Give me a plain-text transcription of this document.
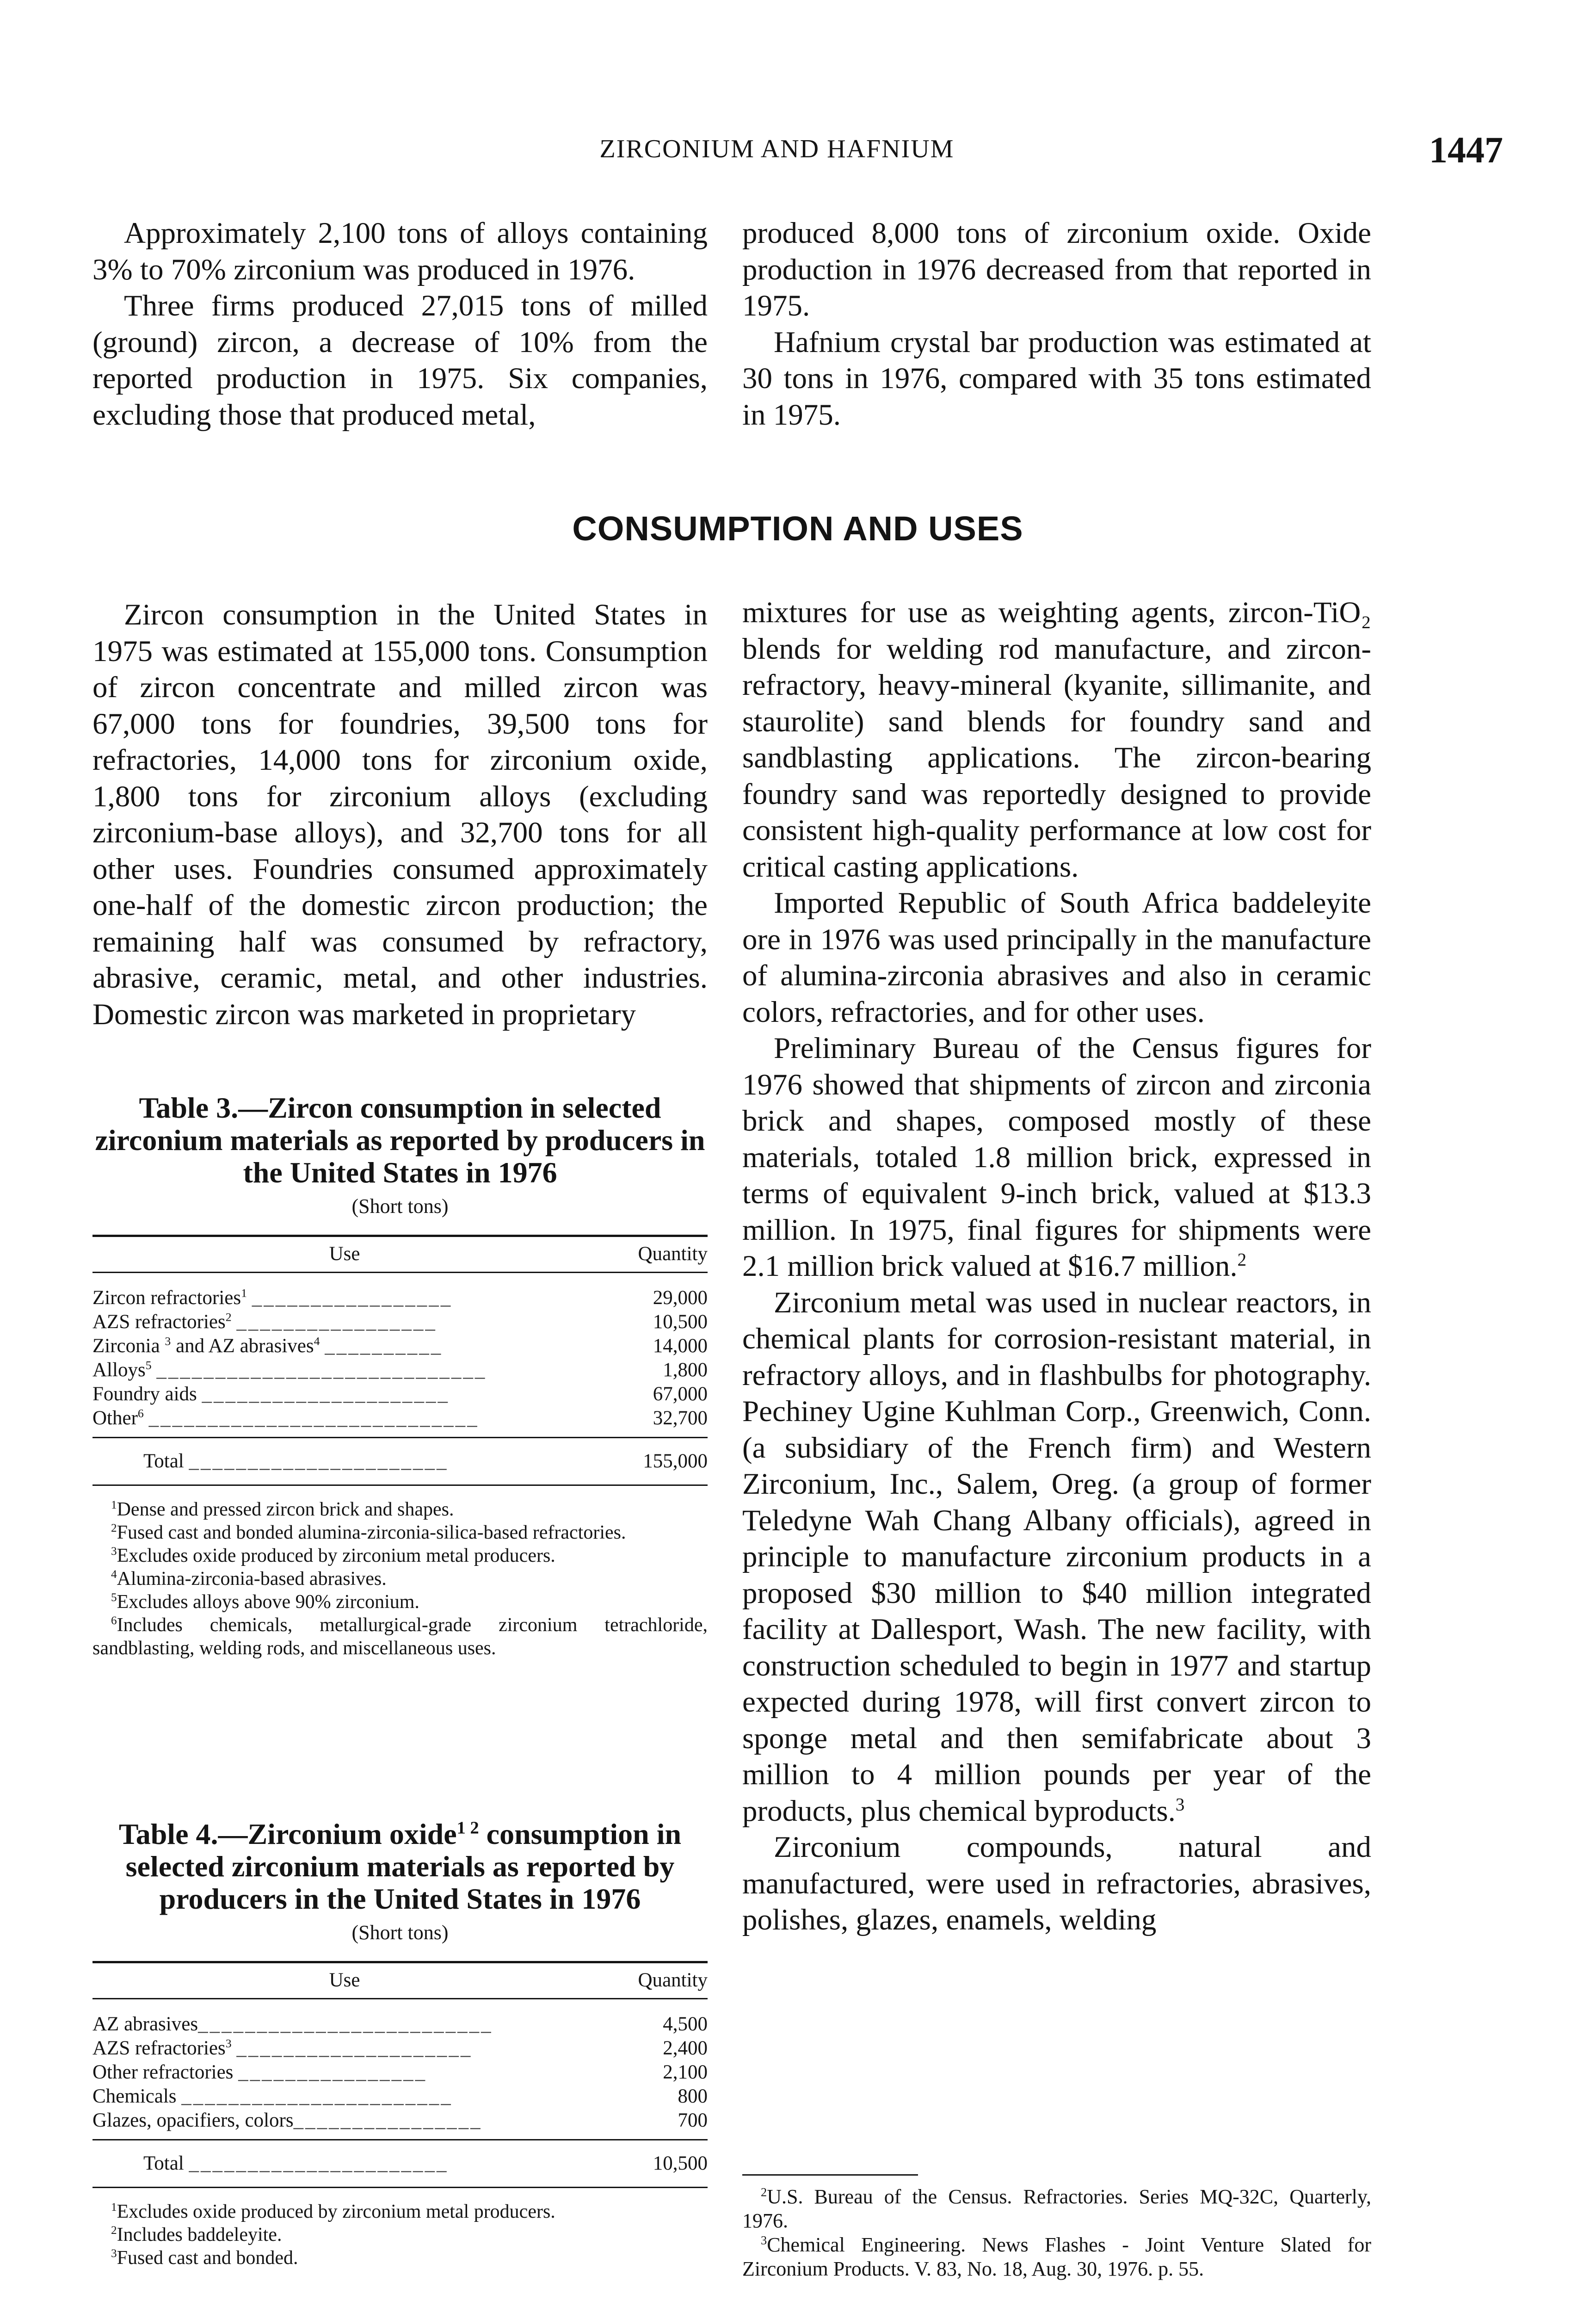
ZIRCONIUM AND HAFNIUM	1447

Approximately 2,100 tons of alloys containing 3% to 70% zirconium was produced in 1976.

Three firms produced 27,015 tons of milled (ground) zircon, a decrease of 10% from the reported production in 1975. Six companies, excluding those that produced metal,

produced 8,000 tons of zirconium oxide. Oxide production in 1976 decreased from that reported in 1975.

Hafnium crystal bar production was estimated at 30 tons in 1976, compared with 35 tons estimated in 1975.

CONSUMPTION AND USES

Zircon consumption in the United States in 1975 was estimated at 155,000 tons. Consumption of zircon concentrate and milled zircon was 67,000 tons for foundries, 39,500 tons for refractories, 14,000 tons for zirconium oxide, 1,800 tons for zirconium alloys (excluding zirconium-base alloys), and 32,700 tons for all other uses. Foundries consumed approximately one-half of the domestic zircon production; the remaining half was consumed by refractory, abrasive, ceramic, metal, and other industries. Domestic zircon was marketed in proprietary

Table 3.—Zircon consumption in selected zirconium materials as reported by producers in the United States in 1976
(Short tons)
Use	Quantity
Zircon refractories$^1$ _________________	29,000
AZS refractories$^2$ _________________	10,500
Zirconia $^3$ and AZ abrasives$^4$ __________	14,000
Alloys$^5$ ____________________________	1,800
Foundry aids _____________________	67,000
Other$^6$ ____________________________	32,700
Total ______________________	155,000

$^1$Dense and pressed zircon brick and shapes.

$^2$Fused cast and bonded alumina-zirconia-silica-based refractories.

$^3$Excludes oxide produced by zirconium metal producers.

$^4$Alumina-zirconia-based abrasives.

$^5$Excludes alloys above 90% zirconium.

$^6$Includes chemicals, metallurgical-grade zirconium tetrachloride, sandblasting, welding rods, and miscellaneous uses.

Table 4.—Zirconium oxide$^{1 2}$ consumption in selected zirconium materials as reported by producers in the United States in 1976
(Short tons)
Use	Quantity
AZ abrasives_________________________	4,500
AZS refractories$^3$ ____________________	2,400
Other refractories ________________	2,100
Chemicals _______________________	800
Glazes, opacifiers, colors________________	700
Total ______________________	10,500

$^1$Excludes oxide produced by zirconium metal producers.

$^2$Includes baddeleyite.

$^3$Fused cast and bonded.

mixtures for use as weighting agents, zircon-TiO₂ blends for welding rod manufacture, and zircon-refractory, heavy-mineral (kyanite, sillimanite, and staurolite) sand blends for foundry sand and sandblasting applications. The zircon-bearing foundry sand was reportedly designed to provide consistent high-quality performance at low cost for critical casting applications.

Imported Republic of South Africa baddeleyite ore in 1976 was used principally in the manufacture of alumina-zirconia abrasives and also in ceramic colors, refractories, and for other uses.

Preliminary Bureau of the Census figures for 1976 showed that shipments of zircon and zirconia brick and shapes, composed mostly of these materials, totaled 1.8 million brick, expressed in terms of equivalent 9-inch brick, valued at $13.3 million. In 1975, final figures for shipments were 2.1 million brick valued at $16.7 million.$^2$

Zirconium metal was used in nuclear reactors, in chemical plants for corrosion-resistant material, in refractory alloys, and in flashbulbs for photography. Pechiney Ugine Kuhlman Corp., Greenwich, Conn. (a subsidiary of the French firm) and Western Zirconium, Inc., Salem, Oreg. (a group of former Teledyne Wah Chang Albany officials), agreed in principle to manufacture zirconium products in a proposed $30 million to $40 million integrated facility at Dallesport, Wash. The new facility, with construction scheduled to begin in 1977 and startup expected during 1978, will first convert zircon to sponge metal and then semifabricate about 3 million to 4 million pounds per year of the products, plus chemical byproducts.$^3$

Zirconium compounds, natural and manufactured, were used in refractories, abrasives, polishes, glazes, enamels, welding

$^2$U.S. Bureau of the Census. Refractories. Series MQ-32C, Quarterly, 1976.

$^3$Chemical Engineering. News Flashes - Joint Venture Slated for Zirconium Products. V. 83, No. 18, Aug. 30, 1976. p. 55.
